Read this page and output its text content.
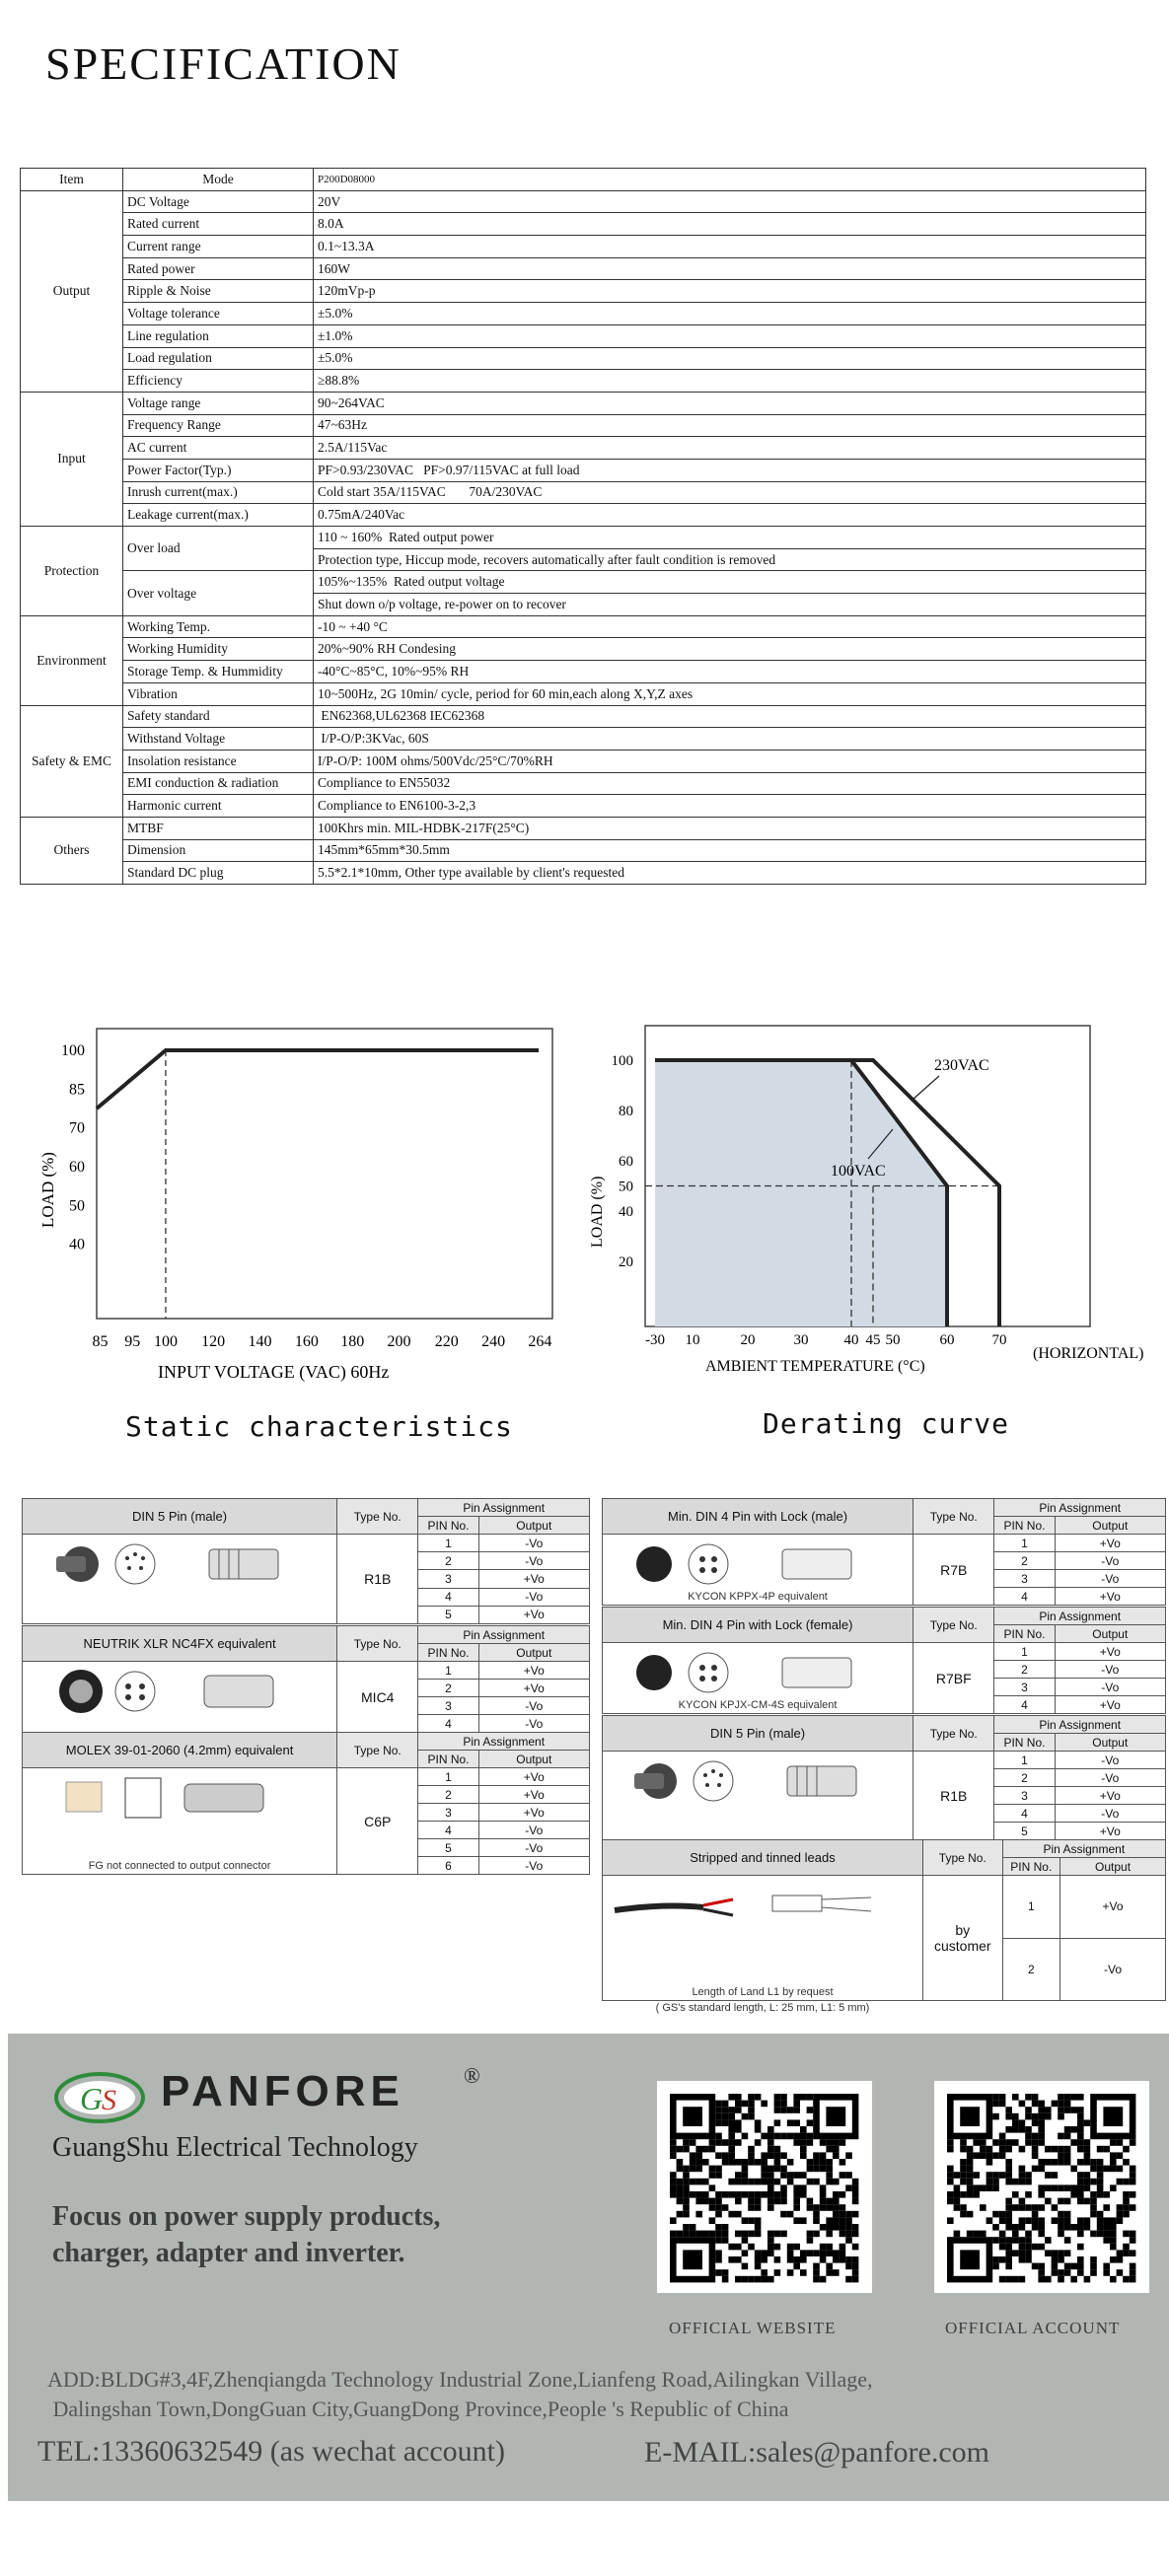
SPECIFICATION
Item	Mode	P200D08000
Output	DC Voltage	20V
	Rated current	8.0A
	Current range	0.1~13.3A
	Rated power	160W
	Ripple & Noise	120mVp-p
	Voltage tolerance	±5.0%
	Line regulation	±1.0%
	Load regulation	±5.0%
	Efficiency	≥88.8%
Input	Voltage range	90~264VAC
	Frequency Range	47~63Hz
	AC current	2.5A/115Vac
	Power Factor(Typ.)	PF>0.93/230VAC   PF>0.97/115VAC at full load
	Inrush current(max.)	Cold start 35A/115VAC       70A/230VAC
	Leakage current(max.)	0.75mA/240Vac
Protection	Over load	110 ~ 160%  Rated output power
		Protection type, Hiccup mode, recovers automatically after fault condition is removed
	Over voltage	105%~135%  Rated output voltage
		Shut down o/p voltage, re-power on to recover
Environment	Working Temp.	-10 ~ +40 °C
	Working Humidity	20%~90% RH Condesing
	Storage Temp. & Hummidity	-40°C~85°C, 10%~95% RH
	Vibration	10~500Hz, 2G 10min/ cycle, period for 60 min,each along X,Y,Z axes
Safety & EMC	Safety standard	EN62368,UL62368 IEC62368
	Withstand Voltage	I/P-O/P:3KVac, 60S
	Insolation resistance	I/P-O/P: 100M ohms/500Vdc/25°C/70%RH
	EMI conduction & radiation	Compliance to EN55032
	Harmonic current	Compliance to EN6100-3-2,3
Others	MTBF	100Khrs min. MIL-HDBK-217F(25°C)
	Dimension	145mm*65mm*30.5mm
	Standard DC plug	5.5*2.1*10mm, Other type available by client's requested
85 95 100 120 140 160 180 200 220 240 264
100
85
70
60
50
40
INPUT VOLTAGE (VAC) 60Hz
LOAD (%)
Static characteristics
230VAC
100VAC
-30 10	20	30 40 45 50	60	70
100
80
60
50
40
20
AMBIENT TEMPERATURE (°C)
(HORIZONTAL)
LOAD (%)
Derating curve
DIN 5 Pin (male)	Type No.	Pin Assignment	
		PIN No.	Output

	R1B	1	-Vo
		2	-Vo
		3	+Vo
		4	-Vo
		5	+Vo
NEUTRIK XLR NC4FX equivalent	Type No.	Pin Assignment	
		PIN No.	Output

	MIC4	1	+Vo
		2	+Vo
		3	-Vo
		4	-Vo
MOLEX 39-01-2060 (4.2mm) equivalent	Type No.	Pin Assignment	
		PIN No.	Output

FG not connected to output connector	C6P	1	+Vo
		2	+Vo
		3	+Vo
		4	-Vo
		5	-Vo
		6	-Vo
Min. DIN 4 Pin with Lock (male)	Type No.	Pin Assignment	
		PIN No.	Output

KYCON KPPX-4P equivalent	R7B	1	+Vo
		2	-Vo
		3	-Vo
		4	+Vo
Min. DIN 4 Pin with Lock (female)	Type No.	Pin Assignment	
		PIN No.	Output

KYCON KPJX-CM-4S equivalent	R7BF	1	+Vo
		2	-Vo
		3	-Vo
		4	+Vo
DIN 5 Pin (male)	Type No.	Pin Assignment	
		PIN No.	Output

	R1B	1	-Vo
		2	-Vo
		3	+Vo
		4	-Vo
		5	+Vo
Stripped and tinned leads	Type No.	Pin Assignment	
		PIN No.	Output

Length of Land L1 by request
( GS's standard length, L: 25 mm, L1: 5 mm)	by customer	1	+Vo
		2	-Vo
G
S PANFORE	®
GuangShu Electrical Technology
Focus on power supply products,
charger, adapter and inverter.
OFFICIAL WEBSITE	OFFICIAL ACCOUNT
ADD:BLDG#3,4F,Zhenqiangda Technology Industrial Zone,Lianfeng Road,Ailingkan Village,
Dalingshan Town,DongGuan City,GuangDong Province,People 's Republic of China
TEL:13360632549 (as wechat account)	E-MAIL:sales@panfore.com
